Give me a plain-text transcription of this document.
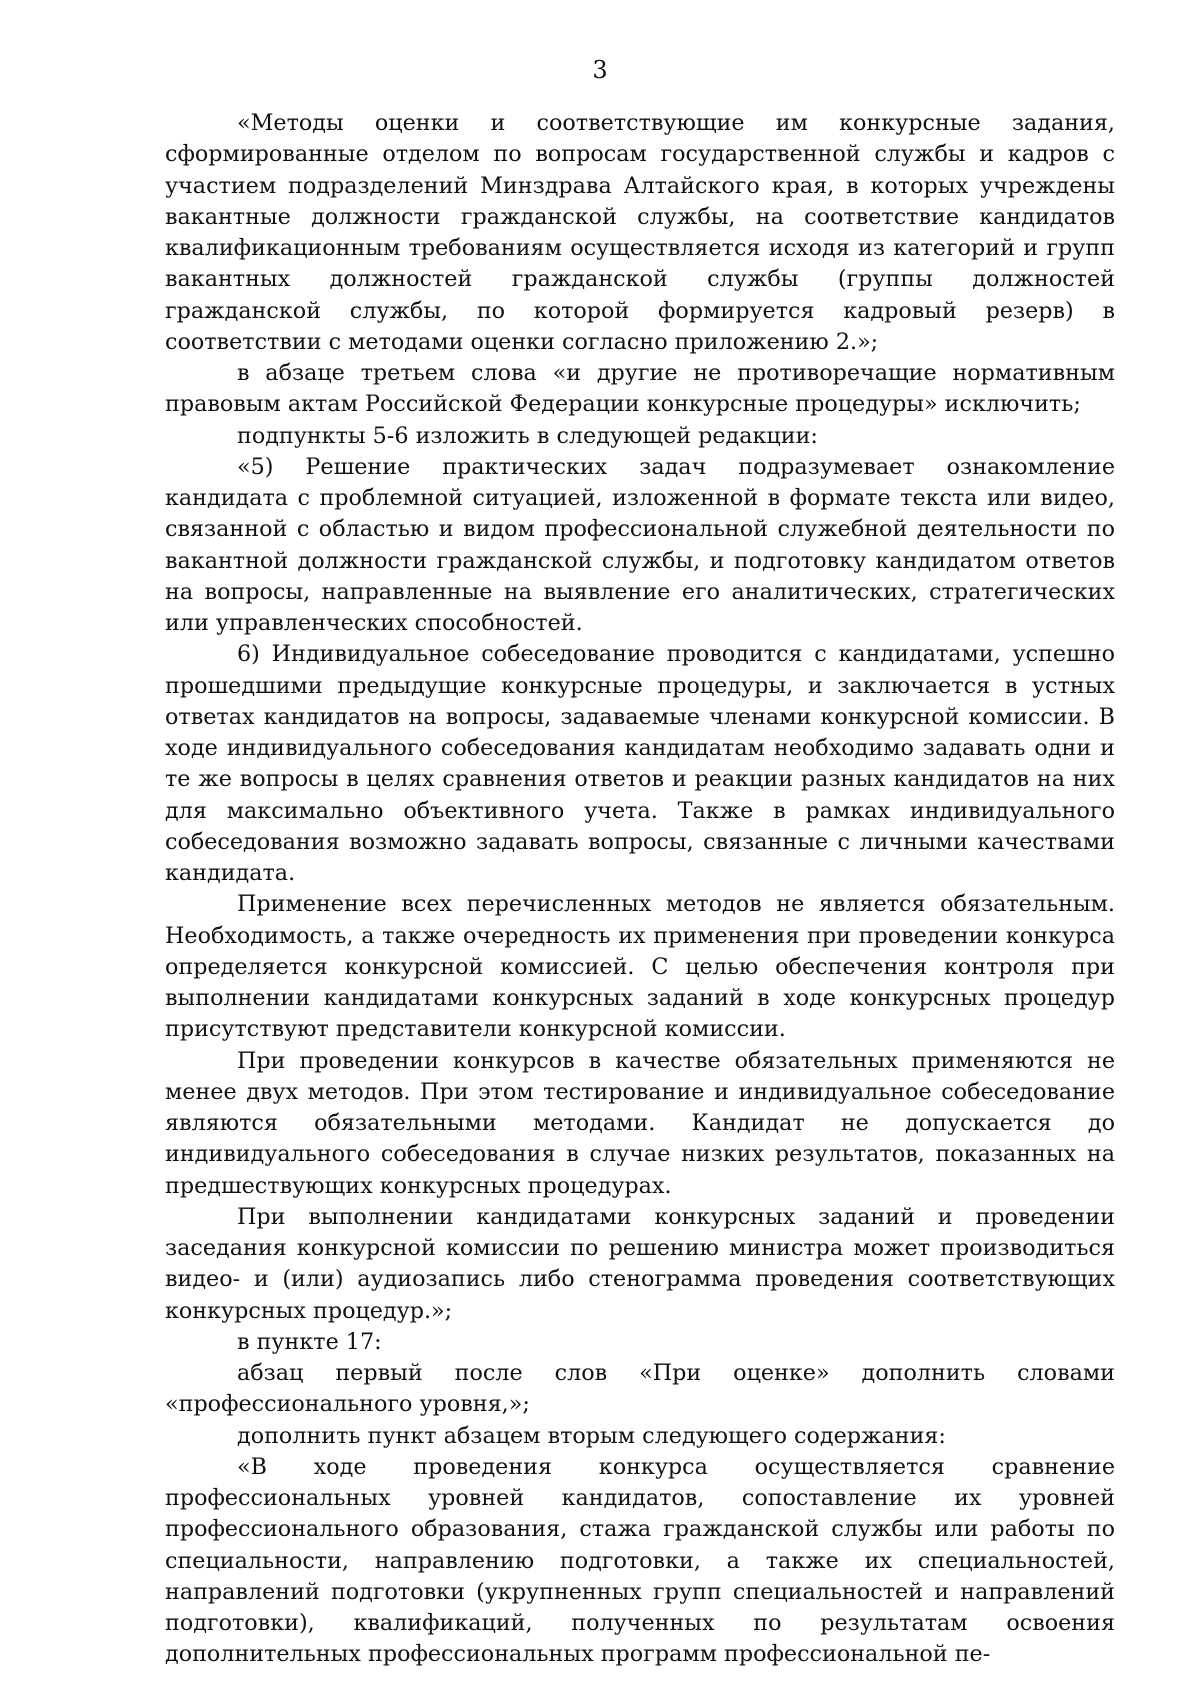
3

«Методы оценки и соответствующие им конкурсные задания, сформированные отделом по вопросам государственной службы и кадров с участием подразделений Минздрава Алтайского края, в которых учреждены вакантные должности гражданской службы, на соответствие кандидатов квалификационным требованиям осуществляется исходя из категорий и групп вакантных должностей гражданской службы (группы должностей гражданской службы, по которой формируется кадровый резерв) в соответствии с методами оценки согласно приложению 2.»;

в абзаце третьем слова «и другие не противоречащие нормативным правовым актам Российской Федерации конкурсные процедуры» исключить;

подпункты 5-6 изложить в следующей редакции:

«5) Решение практических задач подразумевает ознакомление кандидата с проблемной ситуацией, изложенной в формате текста или видео, связанной с областью и видом профессиональной служебной деятельности по вакантной должности гражданской службы, и подготовку кандидатом ответов на вопросы, направленные на выявление его аналитических, стратегических или управленческих способностей.

6) Индивидуальное собеседование проводится с кандидатами, успешно прошедшими предыдущие конкурсные процедуры, и заключается в устных ответах кандидатов на вопросы, задаваемые членами конкурсной комиссии. В ходе индивидуального собеседования кандидатам необходимо задавать одни и те же вопросы в целях сравнения ответов и реакции разных кандидатов на них для максимально объективного учета. Также в рамках индивидуального собеседования возможно задавать вопросы, связанные с личными качествами кандидата.

Применение всех перечисленных методов не является обязательным. Необходимость, а также очередность их применения при проведении конкурса определяется конкурсной комиссией. С целью обеспечения контроля при выполнении кандидатами конкурсных заданий в ходе конкурсных процедур присутствуют представители конкурсной комиссии.

При проведении конкурсов в качестве обязательных применяются не менее двух методов. При этом тестирование и индивидуальное собеседование являются обязательными методами. Кандидат не допускается до индивидуального собеседования в случае низких результатов, показанных на предшествующих конкурсных процедурах.

При выполнении кандидатами конкурсных заданий и проведении заседания конкурсной комиссии по решению министра может производиться видео- и (или) аудиозапись либо стенограмма проведения соответствующих конкурсных процедур.»;

в пункте 17:

абзац первый после слов «При оценке» дополнить словами «профессионального уровня,»;

дополнить пункт абзацем вторым следующего содержания:

«В ходе проведения конкурса осуществляется сравнение профессиональных уровней кандидатов, сопоставление их уровней профессионального образования, стажа гражданской службы или работы по специальности, направлению подготовки, а также их специальностей, направлений подготовки (укрупненных групп специальностей и направлений подготовки), квалификаций, полученных по результатам освоения дополнительных профессиональных программ профессиональной пе-
